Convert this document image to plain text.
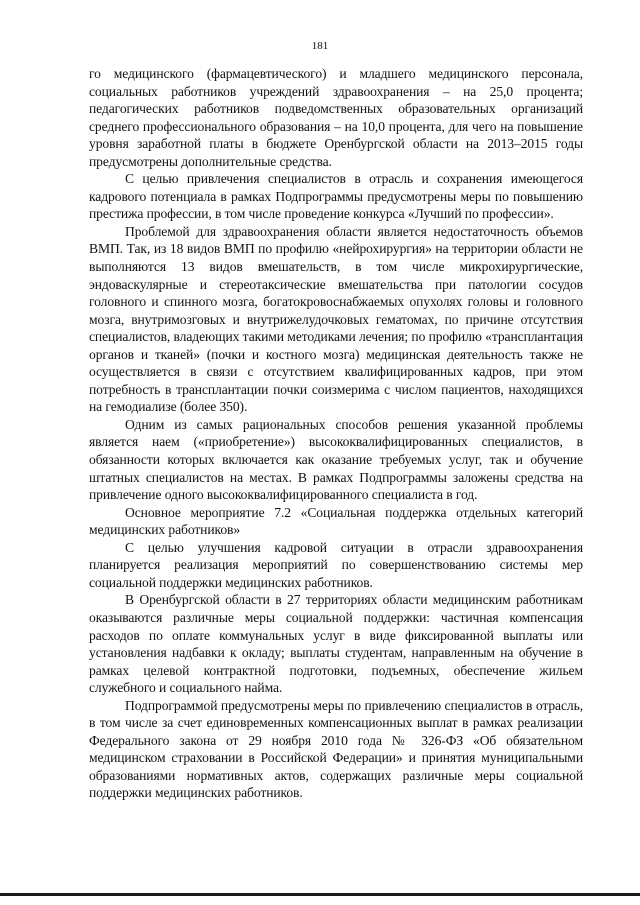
181

го медицинского (фармацевтического) и младшего медицинского персонала, социальных работников учреждений здравоохранения – на 25,0 процента; педагогических работников подведомственных образовательных организаций среднего профессионального образования – на 10,0 процента, для чего на повышение уровня заработной платы в бюджете Оренбургской области на 2013–2015 годы предусмотрены дополнительные средства.

С целью привлечения специалистов в отрасль и сохранения имеющегося кадрового потенциала в рамках Подпрограммы предусмотрены меры по повышению престижа профессии, в том числе проведение конкурса «Лучший по профессии».

Проблемой для здравоохранения области является недостаточность объемов ВМП. Так, из 18 видов ВМП по профилю «нейрохирургия» на территории области не выполняются 13 видов вмешательств, в том числе микрохирургические, эндоваскулярные и стереотаксические вмешательства при патологии сосудов головного и спинного мозга, богатокровоснабжаемых опухолях головы и головного мозга, внутримозговых и внутрижелудочковых гематомах, по причине отсутствия специалистов, владеющих такими методиками лечения; по профилю «трансплантация органов и тканей» (почки и костного мозга) медицинская деятельность также не осуществляется в связи с отсутствием квалифицированных кадров, при этом потребность в трансплантации почки соизмерима с числом пациентов, находящихся на гемодиализе (более 350).

Одним из самых рациональных способов решения указанной проблемы является наем («приобретение») высококвалифицированных специалистов, в обязанности которых включается как оказание требуемых услуг, так и обучение штатных специалистов на местах. В рамках Подпрограммы заложены средства на привлечение одного высококвалифицированного специалиста в год.

Основное мероприятие 7.2 «Социальная поддержка отдельных категорий медицинских работников»

С целью улучшения кадровой ситуации в отрасли здравоохранения планируется реализация мероприятий по совершенствованию системы мер социальной поддержки медицинских работников.

В Оренбургской области в 27 территориях области медицинским работникам оказываются различные меры социальной поддержки: частичная компенсация расходов по оплате коммунальных услуг в виде фиксированной выплаты или установления надбавки к окладу; выплаты студентам, направленным на обучение в рамках целевой контрактной подготовки, подъемных, обеспечение жильем служебного и социального найма.

Подпрограммой предусмотрены меры по привлечению специалистов в отрасль, в том числе за счет единовременных компенсационных выплат в рамках реализации Федерального закона от 29 ноября 2010 года № 326-ФЗ «Об обязательном медицинском страховании в Российской Федерации» и принятия муниципальными образованиями нормативных актов, содержащих различные меры социальной поддержки медицинских работников.
